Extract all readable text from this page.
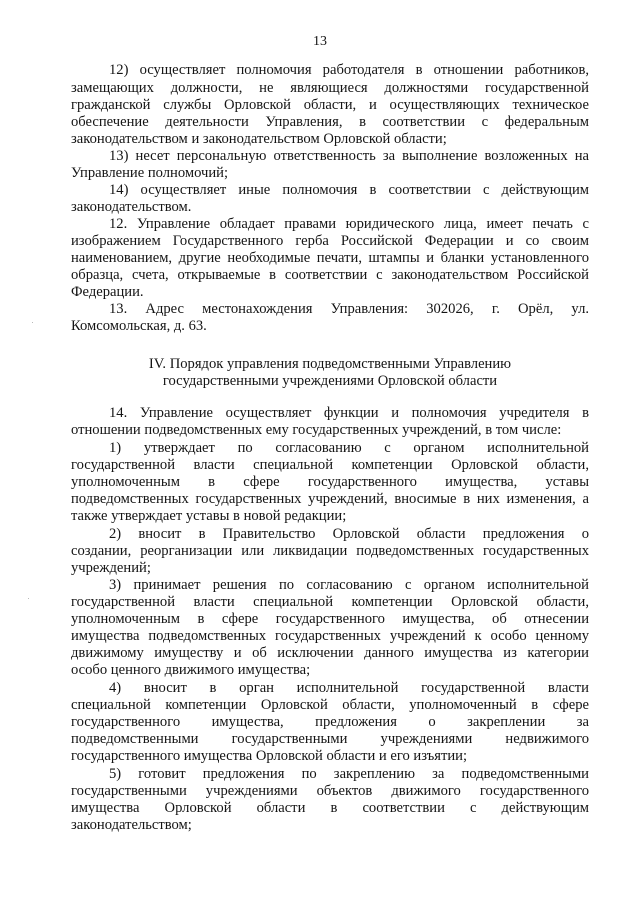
13
12) осуществляет полномочия работодателя в отношении работников,
замещающих должности, не являющиеся должностями государственной
гражданской службы Орловской области, и осуществляющих техническое
обеспечение деятельности Управления, в соответствии с федеральным
законодательством и законодательством Орловской области;
13) несет персональную ответственность за выполнение возложенных на
Управление полномочий;
14) осуществляет иные полномочия в соответствии с действующим
законодательством.
12. Управление обладает правами юридического лица, имеет печать с
изображением Государственного герба Российской Федерации и со своим
наименованием, другие необходимые печати, штампы и бланки установленного
образца, счета, открываемые в соответствии с законодательством Российской
Федерации.
13. Адрес местонахождения Управления: 302026, г. Орёл, ул.
Комсомольская, д. 63.
14. Управление осуществляет функции и полномочия учредителя в
отношении подведомственных ему государственных учреждений, в том числе:
1) утверждает по согласованию с органом исполнительной
государственной власти специальной компетенции Орловской области,
уполномоченным в сфере государственного имущества, уставы
подведомственных государственных учреждений, вносимые в них изменения, а
также утверждает уставы в новой редакции;
2) вносит в Правительство Орловской области предложения о
создании, реорганизации или ликвидации подведомственных государственных
учреждений;
3) принимает решения по согласованию с органом исполнительной
государственной власти специальной компетенции Орловской области,
уполномоченным в сфере государственного имущества, об отнесении
имущества подведомственных государственных учреждений к особо ценному
движимому имуществу и об исключении данного имущества из категории
особо ценного движимого имущества;
4) вносит в орган исполнительной государственной власти
специальной компетенции Орловской области, уполномоченный в сфере
государственного имущества, предложения о закреплении за
подведомственными государственными учреждениями недвижимого
государственного имущества Орловской области и его изъятии;
5) готовит предложения по закреплению за подведомственными
государственными учреждениями объектов движимого государственного
имущества Орловской области в соответствии с действующим
законодательством;
IV. Порядок управления подведомственными Управлению
государственными учреждениями Орловской области
